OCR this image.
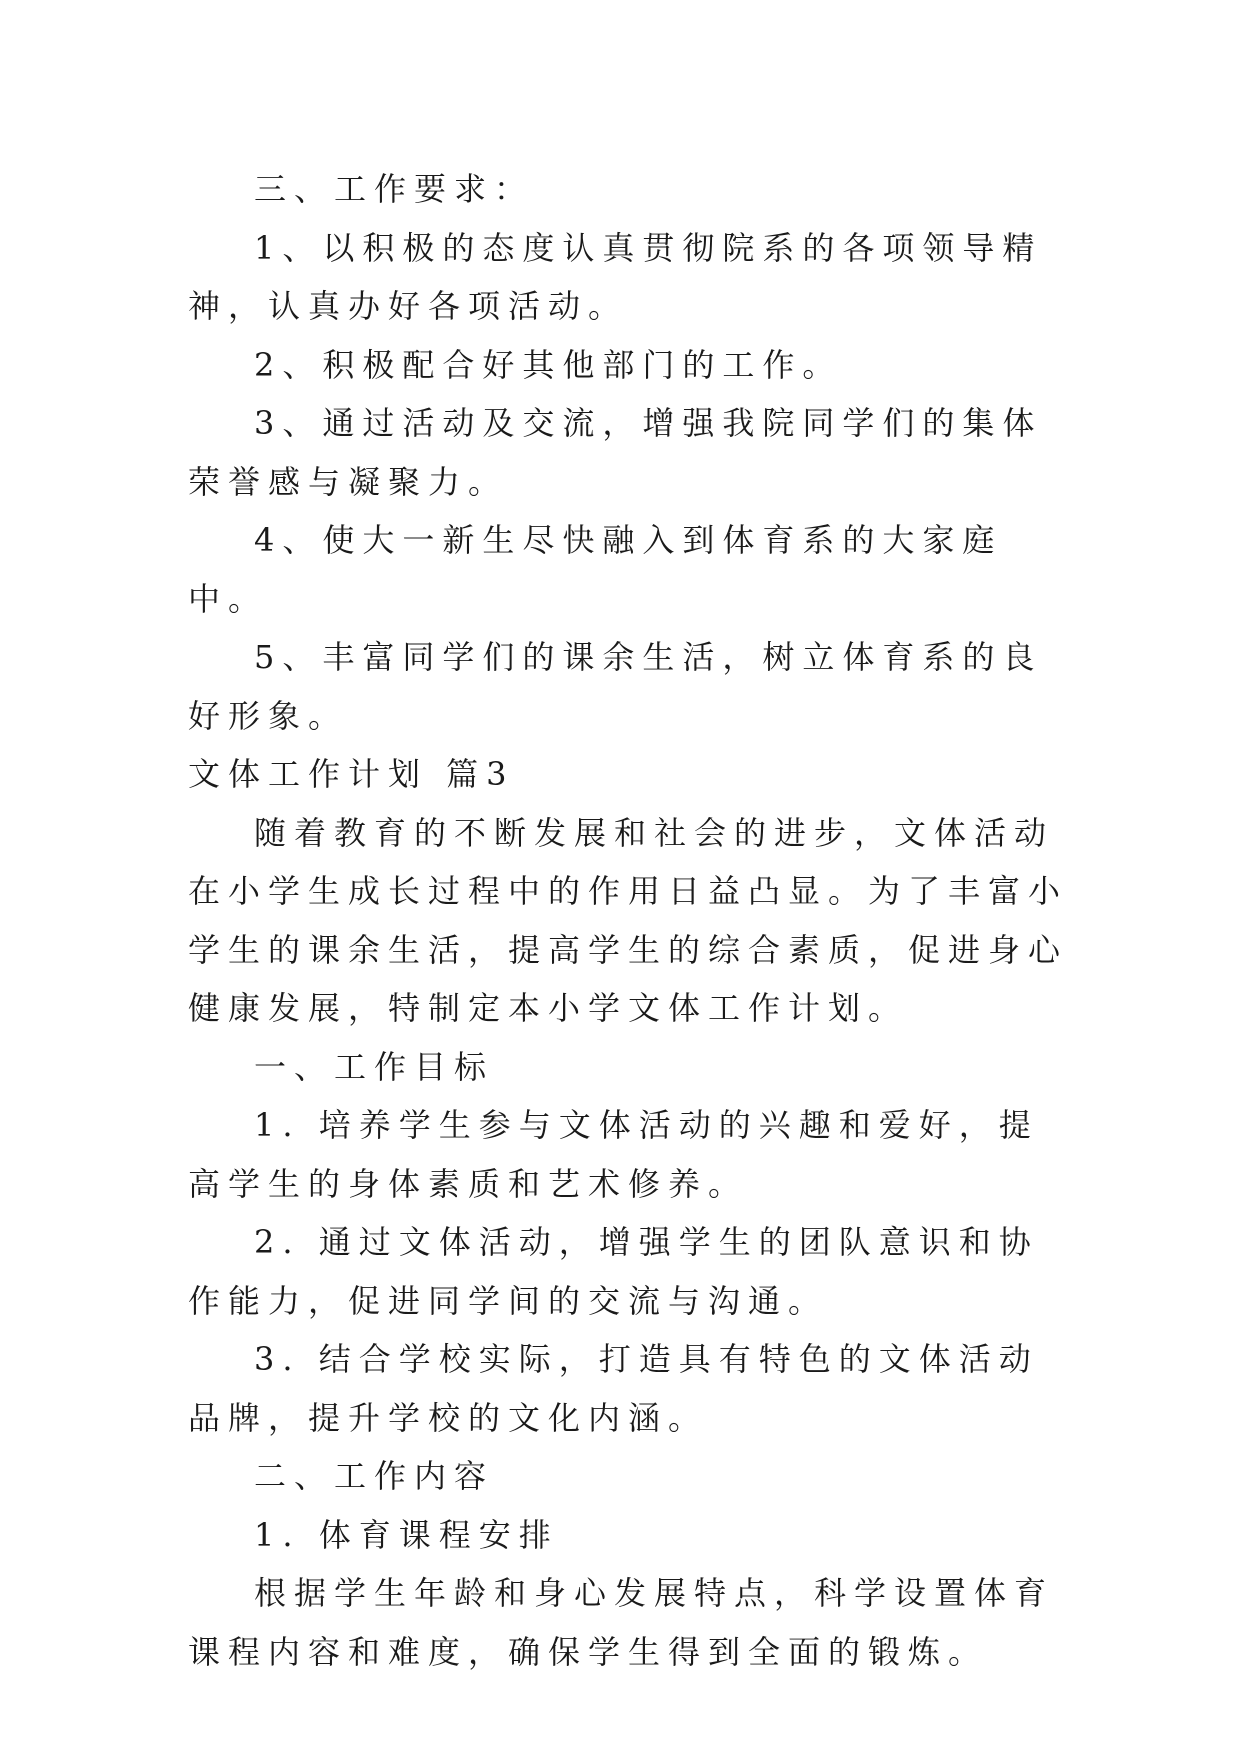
三、工作要求：

1、以积极的态度认真贯彻院系的各项领导精神，认真办好各项活动。

2、积极配合好其他部门的工作。

3、通过活动及交流，增强我院同学们的集体荣誉感与凝聚力。

4、使大一新生尽快融入到体育系的大家庭中。

5、丰富同学们的课余生活，树立体育系的良好形象。

文体工作计划 篇3

随着教育的不断发展和社会的进步，文体活动在小学生成长过程中的作用日益凸显。为了丰富小学生的课余生活，提高学生的综合素质，促进身心健康发展，特制定本小学文体工作计划。

一、工作目标

1. 培养学生参与文体活动的兴趣和爱好，提高学生的身体素质和艺术修养。

2. 通过文体活动，增强学生的团队意识和协作能力，促进同学间的交流与沟通。

3. 结合学校实际，打造具有特色的文体活动品牌，提升学校的文化内涵。

二、工作内容

1. 体育课程安排

根据学生年龄和身心发展特点，科学设置体育课程内容和难度，确保学生得到全面的锻炼。
